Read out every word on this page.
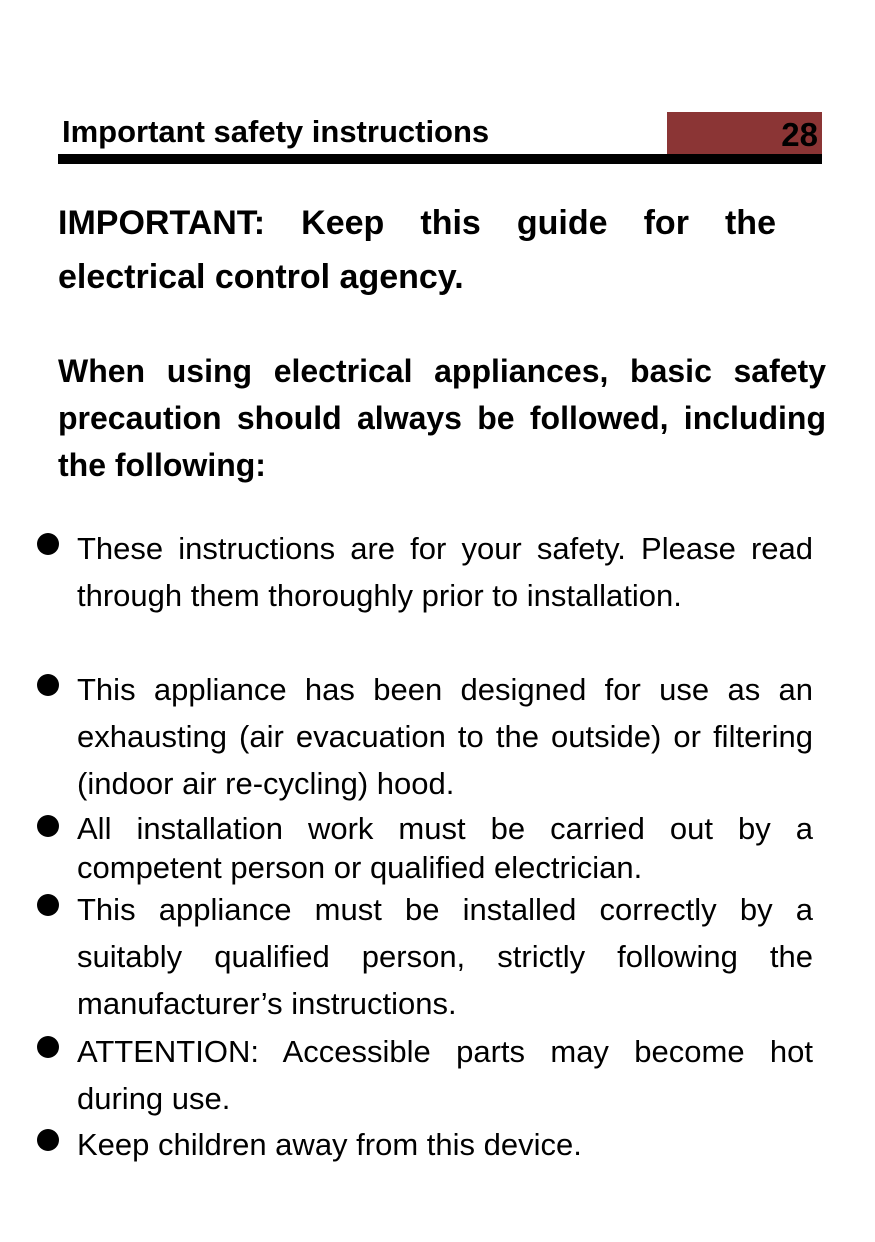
Important safety instructions	28

IMPORTANT: Keep this guide for the electrical control agency.

When using electrical appliances, basic safety precaution should always be followed, including the following:

These instructions are for your safety. Please read through them thoroughly prior to installation.

This appliance has been designed for use as an exhausting (air evacuation to the outside) or filtering (indoor air re-cycling) hood.

All installation work must be carried out by a competent person or qualified electrician.

This appliance must be installed correctly by a suitably qualified person, strictly following the manufacturer’s instructions.

ATTENTION: Accessible parts may become hot during use.

Keep children away from this device.
